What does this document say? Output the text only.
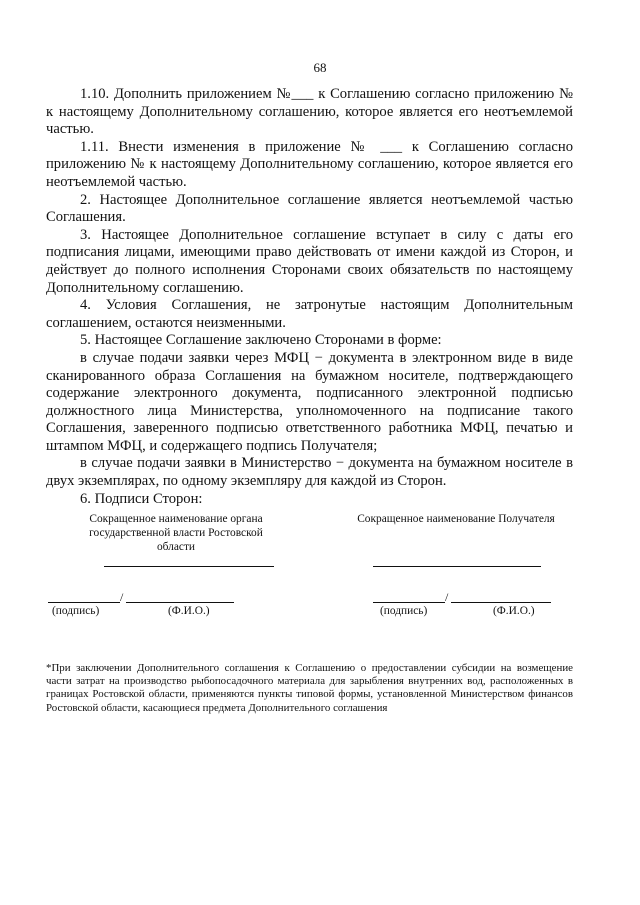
68

1.10. Дополнить приложением №___ к Соглашению согласно приложению № к настоящему Дополнительному соглашению, которое является его неотъемлемой частью.

1.11. Внести изменения в приложение № ___ к Соглашению согласно приложению № к настоящему Дополнительному соглашению, которое является его неотъемлемой частью.

2. Настоящее Дополнительное соглашение является неотъемлемой частью Соглашения.

3. Настоящее Дополнительное соглашение вступает в силу с даты его подписания лицами, имеющими право действовать от имени каждой из Сторон, и действует до полного исполнения Сторонами своих обязательств по настоящему Дополнительному соглашению.

4. Условия Соглашения, не затронутые настоящим Дополнительным соглашением, остаются неизменными.

5. Настоящее Соглашение заключено Сторонами в форме:

в случае подачи заявки через МФЦ − документа в электронном виде в виде сканированного образа Соглашения на бумажном носителе, подтверждающего содержание электронного документа, подписанного электронной подписью должностного лица Министерства, уполномоченного на подписание такого Соглашения, заверенного подписью ответственного работника МФЦ, печатью и штампом МФЦ, и содержащего подпись Получателя;

в случае подачи заявки в Министерство − документа на бумажном носителе в двух экземплярах, по одному экземпляру для каждой из Сторон.

6. Подписи Сторон:

Сокращенное наименование органа государственной власти Ростовской области
/
(подпись)	(Ф.И.О.)
Сокращенное наименование Получателя
/
(подпись)	(Ф.И.О.)
*При заключении Дополнительного соглашения к Соглашению о предоставлении субсидии на возмещение части затрат на производство рыбопосадочного материала для зарыбления внутренних вод, расположенных в границах Ростовской области, применяются пункты типовой формы, установленной Министерством финансов Ростовской области, касающиеся предмета Дополнительного соглашения
